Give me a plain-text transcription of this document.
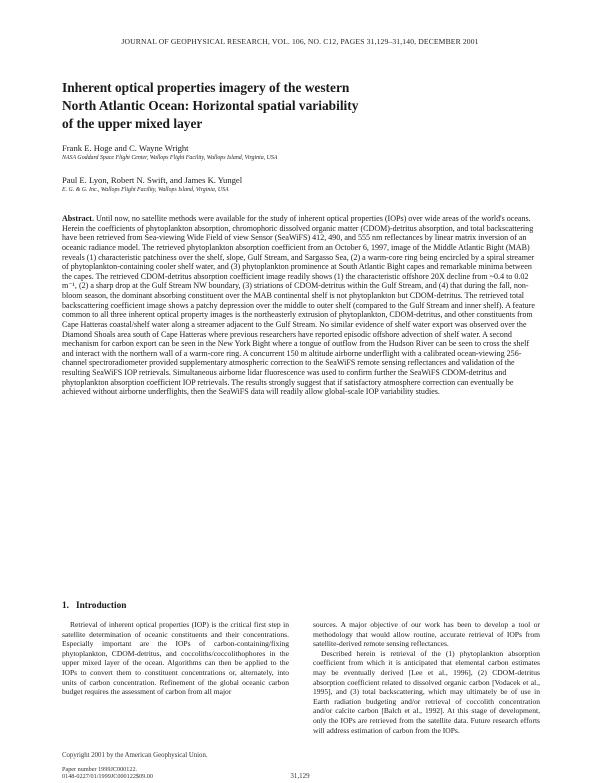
JOURNAL OF GEOPHYSICAL RESEARCH, VOL. 106, NO. C12, PAGES 31,129–31,140, DECEMBER 2001
Inherent optical properties imagery of the western
North Atlantic Ocean: Horizontal spatial variability
of the upper mixed layer

Frank E. Hoge and C. Wayne Wright

NASA Goddard Space Flight Center, Wallops Flight Facility, Wallops Island, Virginia, USA

Paul E. Lyon, Robert N. Swift, and James K. Yungel

E. G. & G. Inc., Wallops Flight Facility, Wallops Island, Virginia, USA

Abstract. Until now, no satellite methods were available for the study of inherent optical properties (IOPs) over wide areas of the world's oceans. Herein the coefficients of phytoplankton absorption, chromophoric dissolved organic matter (CDOM)-detritus absorption, and total backscattering have been retrieved from Sea-viewing Wide Field of view Sensor (SeaWiFS) 412, 490, and 555 nm reflectances by linear matrix inversion of an oceanic radiance model. The retrieved phytoplankton absorption coefficient from an October 6, 1997, image of the Middle Atlantic Bight (MAB) reveals (1) characteristic patchiness over the shelf, slope, Gulf Stream, and Sargasso Sea, (2) a warm-core ring being encircled by a spiral streamer of phytoplankton-containing cooler shelf water, and (3) phytoplankton prominence at South Atlantic Bight capes and remarkable minima between the capes. The retrieved CDOM-detritus absorption coefficient image readily shows (1) the characteristic offshore 20X decline from ~0.4 to 0.02 m⁻¹, (2) a sharp drop at the Gulf Stream NW boundary, (3) striations of CDOM-detritus within the Gulf Stream, and (4) that during the fall, non-bloom season, the dominant absorbing constituent over the MAB continental shelf is not phytoplankton but CDOM-detritus. The retrieved total backscattering coefficient image shows a patchy depression over the middle to outer shelf (compared to the Gulf Stream and inner shelf). A feature common to all three inherent optical property images is the northeasterly extrusion of phytoplankton, CDOM-detritus, and other constituents from Cape Hatteras coastal/shelf water along a streamer adjacent to the Gulf Stream. No similar evidence of shelf water export was observed over the Diamond Shoals area south of Cape Hatteras where previous researchers have reported episodic offshore advection of shelf water. A second mechanism for carbon export can be seen in the New York Bight where a tongue of outflow from the Hudson River can be seen to cross the shelf and interact with the northern wall of a warm-core ring. A concurrent 150 m altitude airborne underflight with a calibrated ocean-viewing 256-channel spectroradiometer provided supplementary atmospheric correction to the SeaWiFS remote sensing reflectances and validation of the resulting SeaWiFS IOP retrievals. Simultaneous airborne lidar fluorescence was used to confirm further the SeaWiFS CDOM-detritus and phytoplankton absorption coefficient IOP retrievals. The results strongly suggest that if satisfactory atmosphere correction can eventually be achieved without airborne underflights, then the SeaWiFS data will readily allow global-scale IOP variability studies.

1. Introduction

Retrieval of inherent optical properties (IOP) is the critical first step in satellite determination of oceanic constituents and their concentrations. Especially important are the IOPs of carbon-containing/fixing phytoplankton, CDOM-detritus, and coccoliths/coccolithophores in the upper mixed layer of the ocean. Algorithms can then be applied to the IOPs to convert them to constituent concentrations or, alternately, into units of carbon concentration. Refinement of the global oceanic carbon budget requires the assessment of carbon from all major

Copyright 2001 by the American Geophysical Union.
Paper number 1999JC000122.
0148-0227/01/1999JC000122$09.00

sources. A major objective of our work has been to develop a tool or methodology that would allow routine, accurate retrieval of IOPs from satellite-derived remote sensing reflectances.

Described herein is retrieval of the (1) phytoplankton absorption coefficient from which it is anticipated that elemental carbon estimates may be eventually derived [Lee et al., 1996], (2) CDOM-detritus absorption coefficient related to dissolved organic carbon [Vodacek et al., 1995], and (3) total backscattering, which may ultimately be of use in Earth radiation budgeting and/or retrieval of coccolith concentration and/or calcite carbon [Balch et al., 1992]. At this stage of development, only the IOPs are retrieved from the satellite data. Future research efforts will address estimation of carbon from the IOPs.

31,129
